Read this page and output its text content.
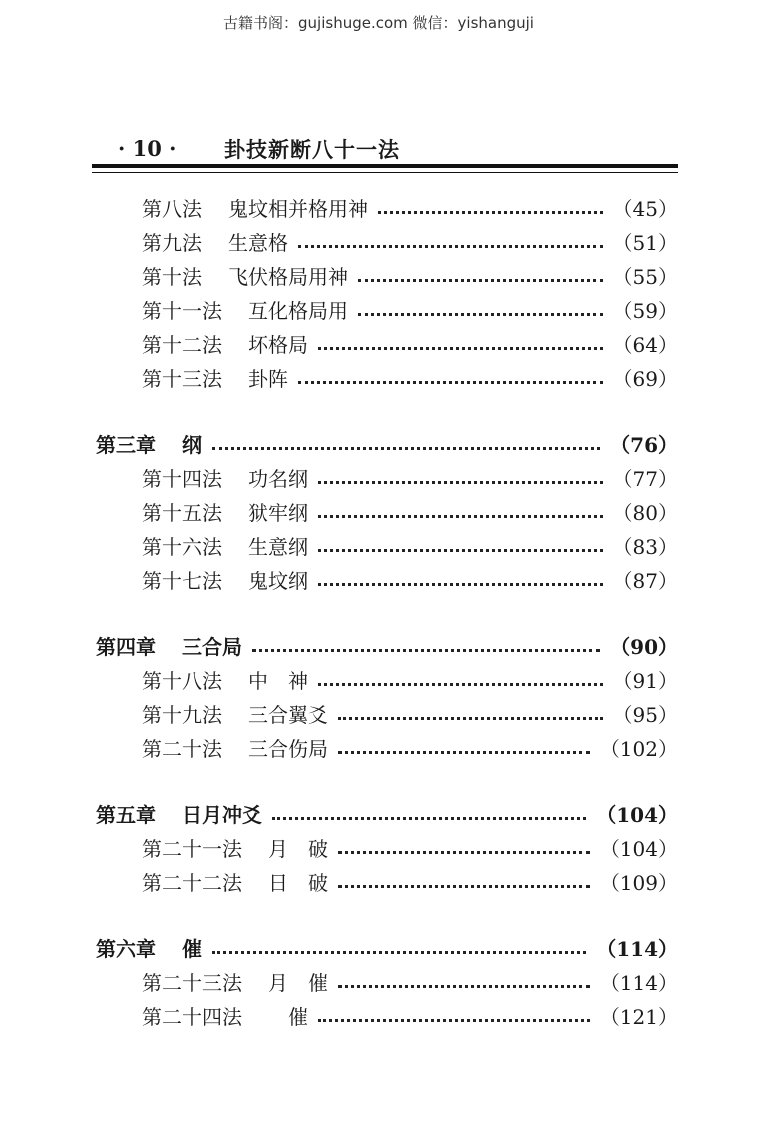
古籍书阁：gujishuge.com 微信：yishanguji
· 10 · 卦技新断八十一法
第八法 鬼坟相并格用神	（45）
第九法 生意格	（51）
第十法 飞伏格局用神	（55）
第十一法 互化格局用	（59）
第十二法 坏格局	（64）
第十三法 卦阵	（69）
第三章 纲	（76）
第十四法 功名纲	（77）
第十五法 狱牢纲	（80）
第十六法 生意纲	（83）
第十七法 鬼坟纲	（87）
第四章 三合局	（90）
第十八法 中　神	（91）
第十九法 三合翼爻	（95）
第二十法 三合伤局	（102）
第五章 日月冲爻	（104）
第二十一法 月　破	（104）
第二十二法 日　破	（109）
第六章 催	（114）
第二十三法 月　催	（114）
第二十四法 　催	（121）
